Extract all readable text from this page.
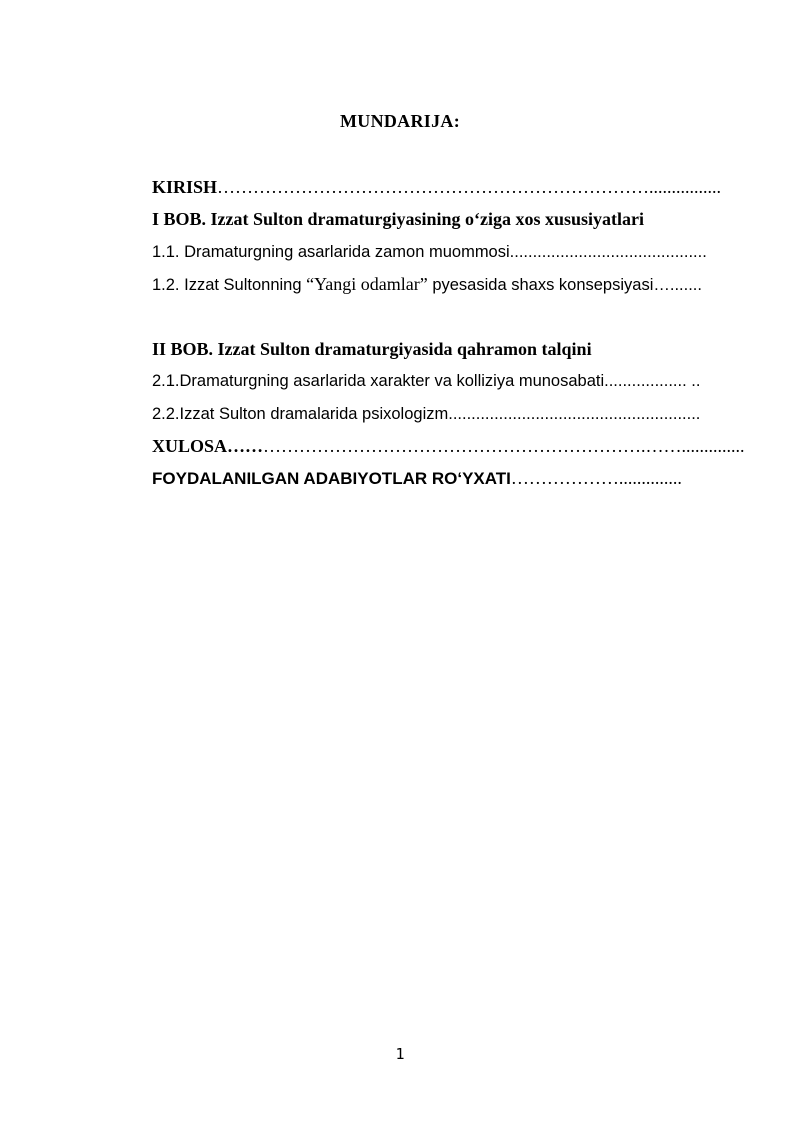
MUNDARIJA:
KIRISH………………………………………………………………................
I BOB. Izzat Sulton dramaturgiyasining o‘ziga xos xususiyatlari
1.1. Dramaturgning asarlarida zamon muommosi...........................................
1.2. Izzat Sultonning “Yangi odamlar” pyesasida shaxs konsepsiyasi….......
II BOB. Izzat Sulton dramaturgiyasida qahramon talqini
2.1.Dramaturgning asarlarida xarakter va kolliziya munosabati.................. ..
2.2.Izzat Sulton dramalarida psixologizm.......................................................
XULOSA…………………………………………………………….……..............
FOYDALANILGAN ADABIYOTLAR RO‘YXATI………………..............
1
